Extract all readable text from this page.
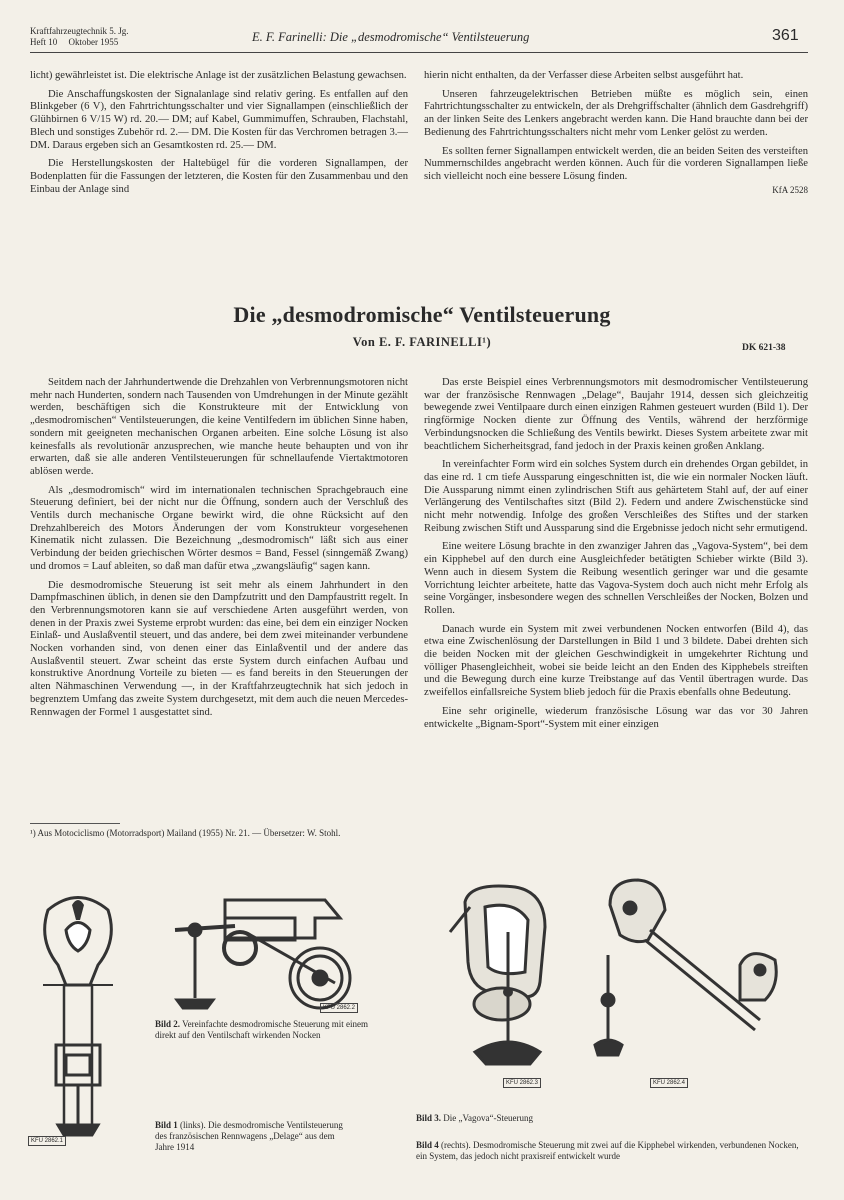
Kraftfahrzeugtechnik 5. Jg.
Heft 10     Oktober 1955	E. F. Farinelli: Die „desmodromische“ Ventilsteuerung	361

licht) gewährleistet ist. Die elektrische Anlage ist der zusätzlichen Belastung gewachsen.

Die Anschaffungskosten der Signalanlage sind relativ gering. Es entfallen auf den Blinkgeber (6 V), den Fahrtrichtungsschalter und vier Signallampen (einschließlich der Glühbirnen 6 V/15 W) rd. 20.— DM; auf Kabel, Gummimuffen, Schrauben, Flachstahl, Blech und sonstiges Zubehör rd. 2.— DM. Die Kosten für das Verchromen betragen 3.— DM. Daraus ergeben sich an Gesamtkosten rd. 25.— DM.

Die Herstellungskosten der Haltebügel für die vorderen Signallampen, der Bodenplatten für die Fassungen der letzteren, die Kosten für den Zusammenbau und den Einbau der Anlage sind

hierin nicht enthalten, da der Verfasser diese Arbeiten selbst ausgeführt hat.

Unseren fahrzeugelektrischen Betrieben müßte es möglich sein, einen Fahrtrichtungsschalter zu entwickeln, der als Drehgriffschalter (ähnlich dem Gasdrehgriff) an der linken Seite des Lenkers angebracht werden kann. Die Hand brauchte dann bei der Bedienung des Fahrtrichtungsschalters nicht mehr vom Lenker gelöst zu werden.

Es sollten ferner Signallampen entwickelt werden, die an beiden Seiten des versteiften Nummernschildes angebracht werden können. Auch für die vorderen Signallampen ließe sich vielleicht noch eine bessere Lösung finden.

KfA 2528
Die „desmodromische“ Ventilsteuerung
Von E. F. FARINELLI¹)	DK 621-38

Seitdem nach der Jahrhundertwende die Drehzahlen von Verbrennungsmotoren nicht mehr nach Hunderten, sondern nach Tausenden von Umdrehungen in der Minute gezählt werden, beschäftigen sich die Konstrukteure mit der Entwicklung von „desmodromischen“ Ventilsteuerungen, die keine Ventilfedern im üblichen Sinne haben, sondern mit geeigneten mechanischen Organen arbeiten. Eine solche Lösung ist also keinesfalls als revolutionär anzusprechen, wie manche heute behaupten und von ihr erwarten, daß sie alle anderen Ventilsteuerungen für schnellaufende Viertaktmotoren ablösen werde.

Als „desmodromisch“ wird im internationalen technischen Sprachgebrauch eine Steuerung definiert, bei der nicht nur die Öffnung, sondern auch der Verschluß des Ventils durch mechanische Organe bewirkt wird, die ohne Rücksicht auf den Drehzahlbereich des Motors Änderungen der vom Konstrukteur vorgesehenen Kinematik nicht zulassen. Die Bezeichnung „desmodromisch“ läßt sich aus einer Verbindung der beiden griechischen Wörter desmos = Band, Fessel (sinngemäß Zwang) und dromos = Lauf ableiten, so daß man dafür etwa „zwangsläufig“ sagen kann.

Die desmodromische Steuerung ist seit mehr als einem Jahrhundert in den Dampfmaschinen üblich, in denen sie den Dampfzutritt und den Dampfaustritt regelt. In den Verbrennungsmotoren kann sie auf verschiedene Arten ausgeführt werden, von denen in der Praxis zwei Systeme erprobt wurden: das eine, bei dem ein einziger Nocken Einlaß- und Auslaßventil steuert, und das andere, bei dem zwei miteinander verbundene Nocken vorhanden sind, von denen einer das Einlaßventil und der andere das Auslaßventil steuert. Zwar scheint das erste System durch einfachen Aufbau und konstruktive Anordnung Vorteile zu bieten — es fand bereits in den Steuerungen der alten Nähmaschinen Verwendung —, in der Kraftfahrzeugtechnik hat sich jedoch in begrenztem Umfang das zweite System durchgesetzt, mit dem auch die neuen Mercedes-Rennwagen der Formel 1 ausgestattet sind.

Das erste Beispiel eines Verbrennungsmotors mit desmodromischer Ventilsteuerung war der französische Rennwagen „Delage“, Baujahr 1914, dessen sich gleichzeitig bewegende zwei Ventilpaare durch einen einzigen Rahmen gesteuert wurden (Bild 1). Der ringförmige Nocken diente zur Öffnung des Ventils, während der herzförmige Verbindungsnocken die Schließung des Ventils bewirkt. Dieses System arbeitete zwar mit beachtlichem Sicherheitsgrad, fand jedoch in der Praxis keinen großen Anklang.

In vereinfachter Form wird ein solches System durch ein drehendes Organ gebildet, in das eine rd. 1 cm tiefe Aussparung eingeschnitten ist, die wie ein normaler Nocken läuft. Die Aussparung nimmt einen zylindrischen Stift aus gehärtetem Stahl auf, der auf einer Verlängerung des Ventilschaftes sitzt (Bild 2). Federn und andere Zwischenstücke sind nicht mehr notwendig. Infolge des großen Verschleißes des Stiftes und der starken Reibung zwischen Stift und Aussparung sind die Ergebnisse jedoch nicht sehr ermutigend.

Eine weitere Lösung brachte in den zwanziger Jahren das „Vagova-System“, bei dem ein Kipphebel auf den durch eine Ausgleichfeder betätigten Schieber wirkte (Bild 3). Wenn auch in diesem System die Reibung wesentlich geringer war und die gesamte Vorrichtung leichter arbeitete, hatte das Vagova-System doch auch nicht mehr Erfolg als seine Vorgänger, insbesondere wegen des schnellen Verschleißes der Nocken, Bolzen und Rollen.

Danach wurde ein System mit zwei verbundenen Nocken entworfen (Bild 4), das etwa eine Zwischenlösung der Darstellungen in Bild 1 und 3 bildete. Dabei drehten sich die beiden Nocken mit der gleichen Geschwindigkeit in umgekehrter Richtung und völliger Phasengleichheit, wobei sie beide leicht an den Enden des Kipphebels streiften und die Bewegung durch eine kurze Treibstange auf das Ventil übertragen wurde. Das zweifellos einfallsreiche System blieb jedoch für die Praxis ebenfalls ohne Bedeutung.

Eine sehr originelle, wiederum französische Lösung war das vor 30 Jahren entwickelte „Bignam-Sport“-System mit einer einzigen

¹) Aus Motociclismo (Motorradsport) Mailand (1955) Nr. 21. — Übersetzer: W. Stohl.
KFU 2862.1
KFU 2862.2
Bild 2. Vereinfachte desmodromische Steuerung mit einem direkt auf den Ventilschaft wirkenden Nocken
Bild 1 (links). Die desmodromische Ventilsteuerung des französischen Rennwagens „Delage“ aus dem Jahre 1914
KFU 2862.3
Bild 3. Die „Vagova“-Steuerung
KFU 2862.4
Bild 4 (rechts). Desmodromische Steuerung mit zwei auf die Kipphebel wirkenden, verbundenen Nocken, ein System, das jedoch nicht praxisreif entwickelt wurde
